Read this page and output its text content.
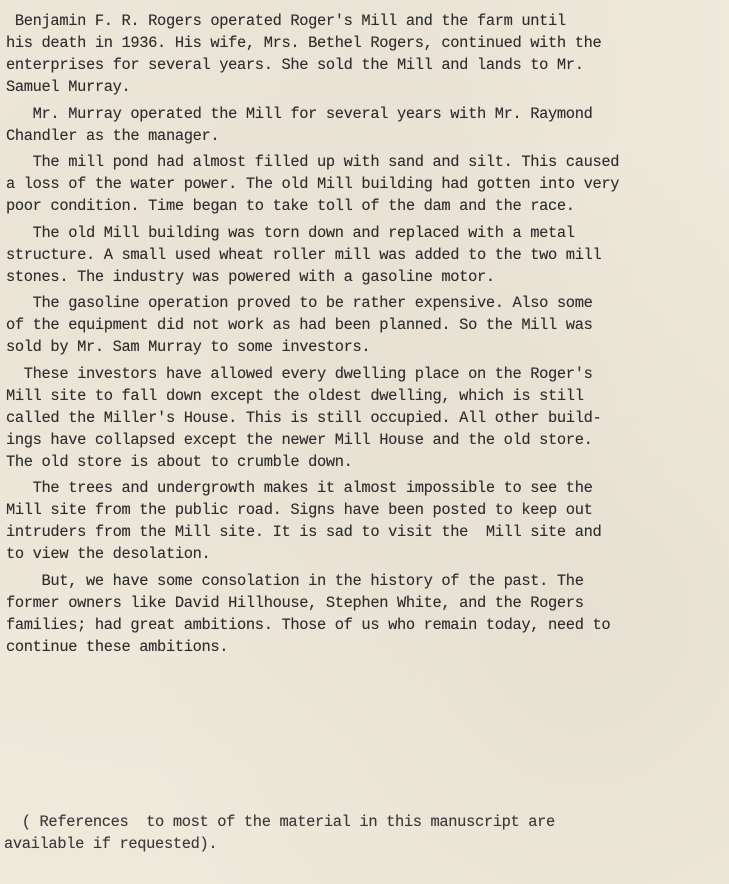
Benjamin F. R. Rogers operated Roger's Mill and the farm until
his death in 1936. His wife, Mrs. Bethel Rogers, continued with the
enterprises for several years. She sold the Mill and lands to Mr.
Samuel Murray.
Mr. Murray operated the Mill for several years with Mr. Raymond
Chandler as the manager.
The mill pond had almost filled up with sand and silt. This caused
a loss of the water power. The old Mill building had gotten into very
poor condition. Time began to take toll of the dam and the race.
The old Mill building was torn down and replaced with a metal
structure. A small used wheat roller mill was added to the two mill
stones. The industry was powered with a gasoline motor.
The gasoline operation proved to be rather expensive. Also some
of the equipment did not work as had been planned. So the Mill was
sold by Mr. Sam Murray to some investors.
These investors have allowed every dwelling place on the Roger's
Mill site to fall down except the oldest dwelling, which is still
called the Miller's House. This is still occupied. All other build-
ings have collapsed except the newer Mill House and the old store.
The old store is about to crumble down.
The trees and undergrowth makes it almost impossible to see the
Mill site from the public road. Signs have been posted to keep out
intruders from the Mill site. It is sad to visit the  Mill site and
to view the desolation.
But, we have some consolation in the history of the past. The
former owners like David Hillhouse, Stephen White, and the Rogers
families; had great ambitions. Those of us who remain today, need to
continue these ambitions.
( References  to most of the material in this manuscript are
available if requested).
